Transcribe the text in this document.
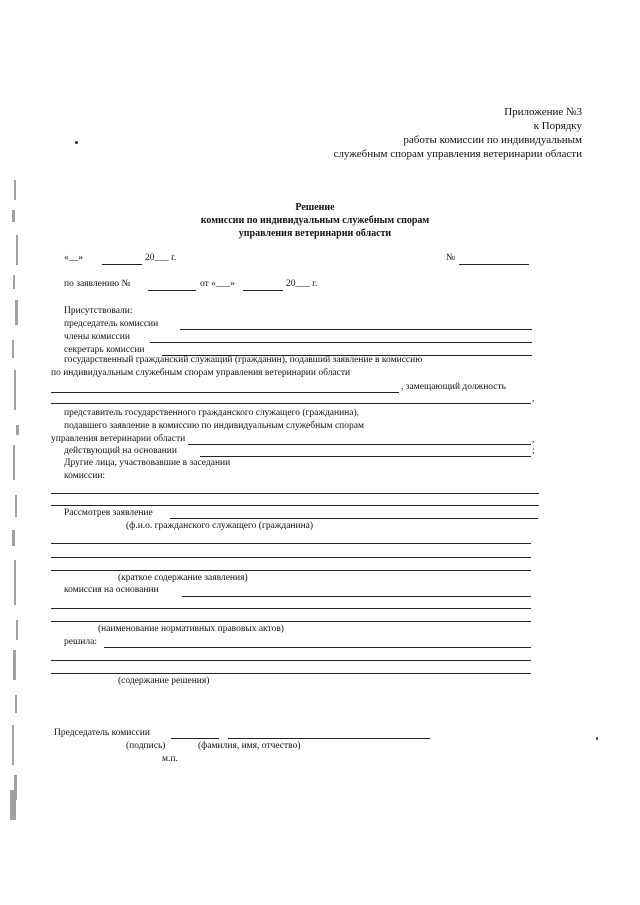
Приложение №3
к Порядку
работы комиссии по индивидуальным
служебным спорам управления ветеринарии области
Решение
комиссии по индивидуальным служебным спорам
управления ветеринарии области
«__»	20___ г.	№
по заявлению №	от «___»	20___ г.
Присутствовали:
председатель комиссии
члены комиссии
секретарь комиссии
государственный гражданский служащий (гражданин), подавший заявление в комиссию
по индивидуальным служебным спорам управления ветеринарии области
, замещающий должность
,
представитель государственного гражданского служащего (гражданина),
подавшего заявление в комиссию по индивидуальным служебным спорам
управления ветеринарии области	,
действующий на основании	;
Другие лица, участвовавшие в заседании
комиссии:
Рассмотрев заявление
(ф.и.о. гражданского служащего (гражданина)
(краткое содержание заявления)
комиссия на основании
(наименование нормативных правовых актов)
решила:
(содержание решения)
Председатель комиссии
(подпись)	(фамилия, имя, отчество)
м.п.
